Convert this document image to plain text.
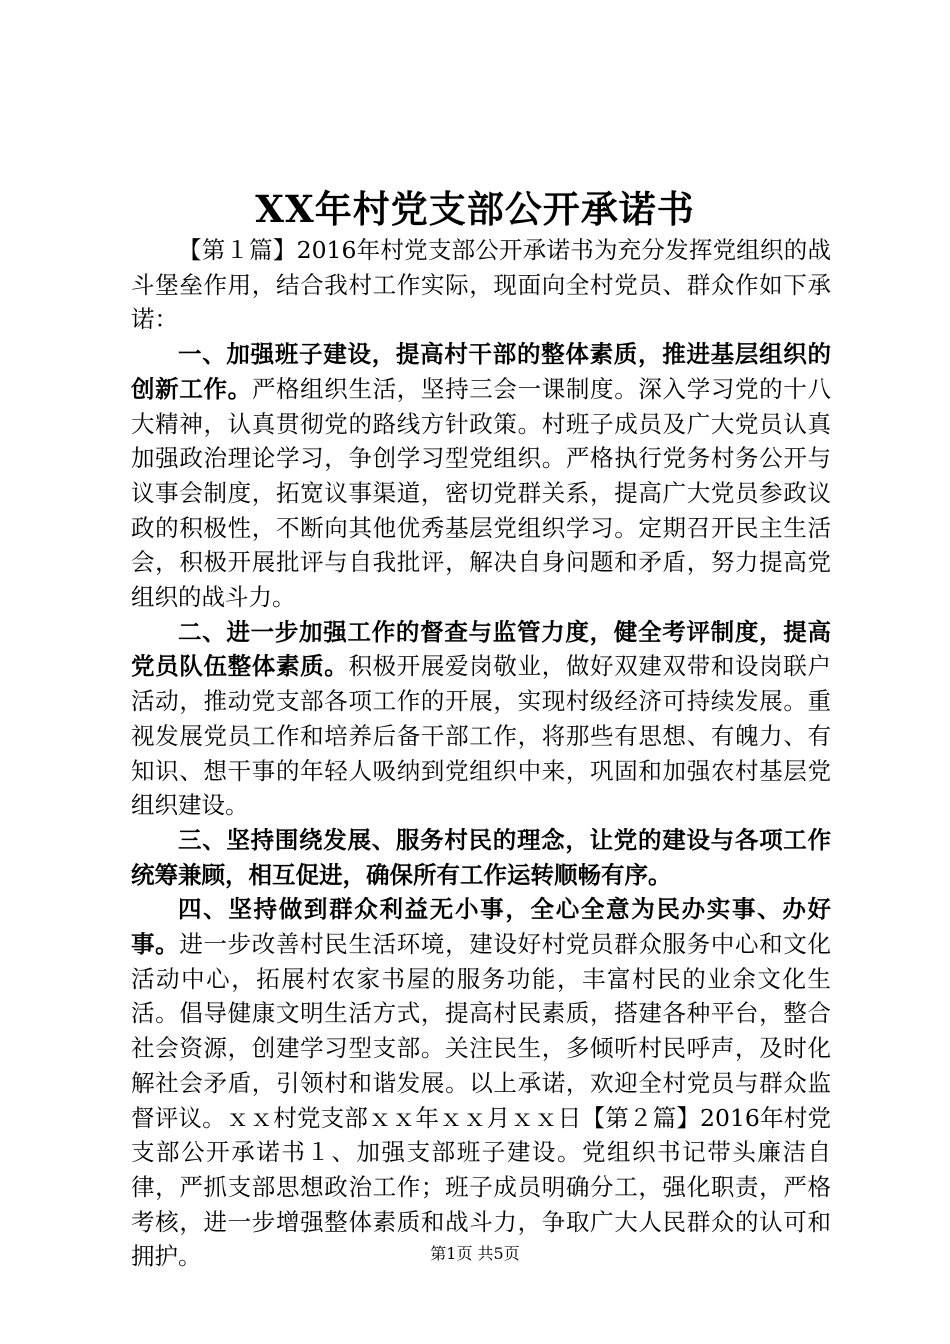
XX年村党支部公开承诺书

【第１篇】2016年村党支部公开承诺书为充分发挥党组织的战斗堡垒作用，结合我村工作实际，现面向全村党员、群众作如下承诺：

一、加强班子建设，提高村干部的整体素质，推进基层组织的创新工作。严格组织生活，坚持三会一课制度。深入学习党的十八大精神，认真贯彻党的路线方针政策。村班子成员及广大党员认真加强政治理论学习，争创学习型党组织。严格执行党务村务公开与议事会制度，拓宽议事渠道，密切党群关系，提高广大党员参政议政的积极性，不断向其他优秀基层党组织学习。定期召开民主生活会，积极开展批评与自我批评，解决自身问题和矛盾，努力提高党组织的战斗力。

二、进一步加强工作的督查与监管力度，健全考评制度，提高党员队伍整体素质。积极开展爱岗敬业，做好双建双带和设岗联户活动，推动党支部各项工作的开展，实现村级经济可持续发展。重视发展党员工作和培养后备干部工作，将那些有思想、有魄力、有知识、想干事的年轻人吸纳到党组织中来，巩固和加强农村基层党组织建设。

三、坚持围绕发展、服务村民的理念，让党的建设与各项工作统筹兼顾，相互促进，确保所有工作运转顺畅有序。

四、坚持做到群众利益无小事，全心全意为民办实事、办好事。进一步改善村民生活环境，建设好村党员群众服务中心和文化活动中心，拓展村农家书屋的服务功能，丰富村民的业余文化生活。倡导健康文明生活方式，提高村民素质，搭建各种平台，整合社会资源，创建学习型支部。关注民生，多倾听村民呼声，及时化解社会矛盾，引领村和谐发展。以上承诺，欢迎全村党员与群众监督评议。ｘｘ村党支部ｘｘ年ｘｘ月ｘｘ日【第２篇】2016年村党支部公开承诺书１、加强支部班子建设。党组织书记带头廉洁自律，严抓支部思想政治工作；班子成员明确分工，强化职责，严格考核，进一步增强整体素质和战斗力，争取广大人民群众的认可和拥护。	第1页 共5页
